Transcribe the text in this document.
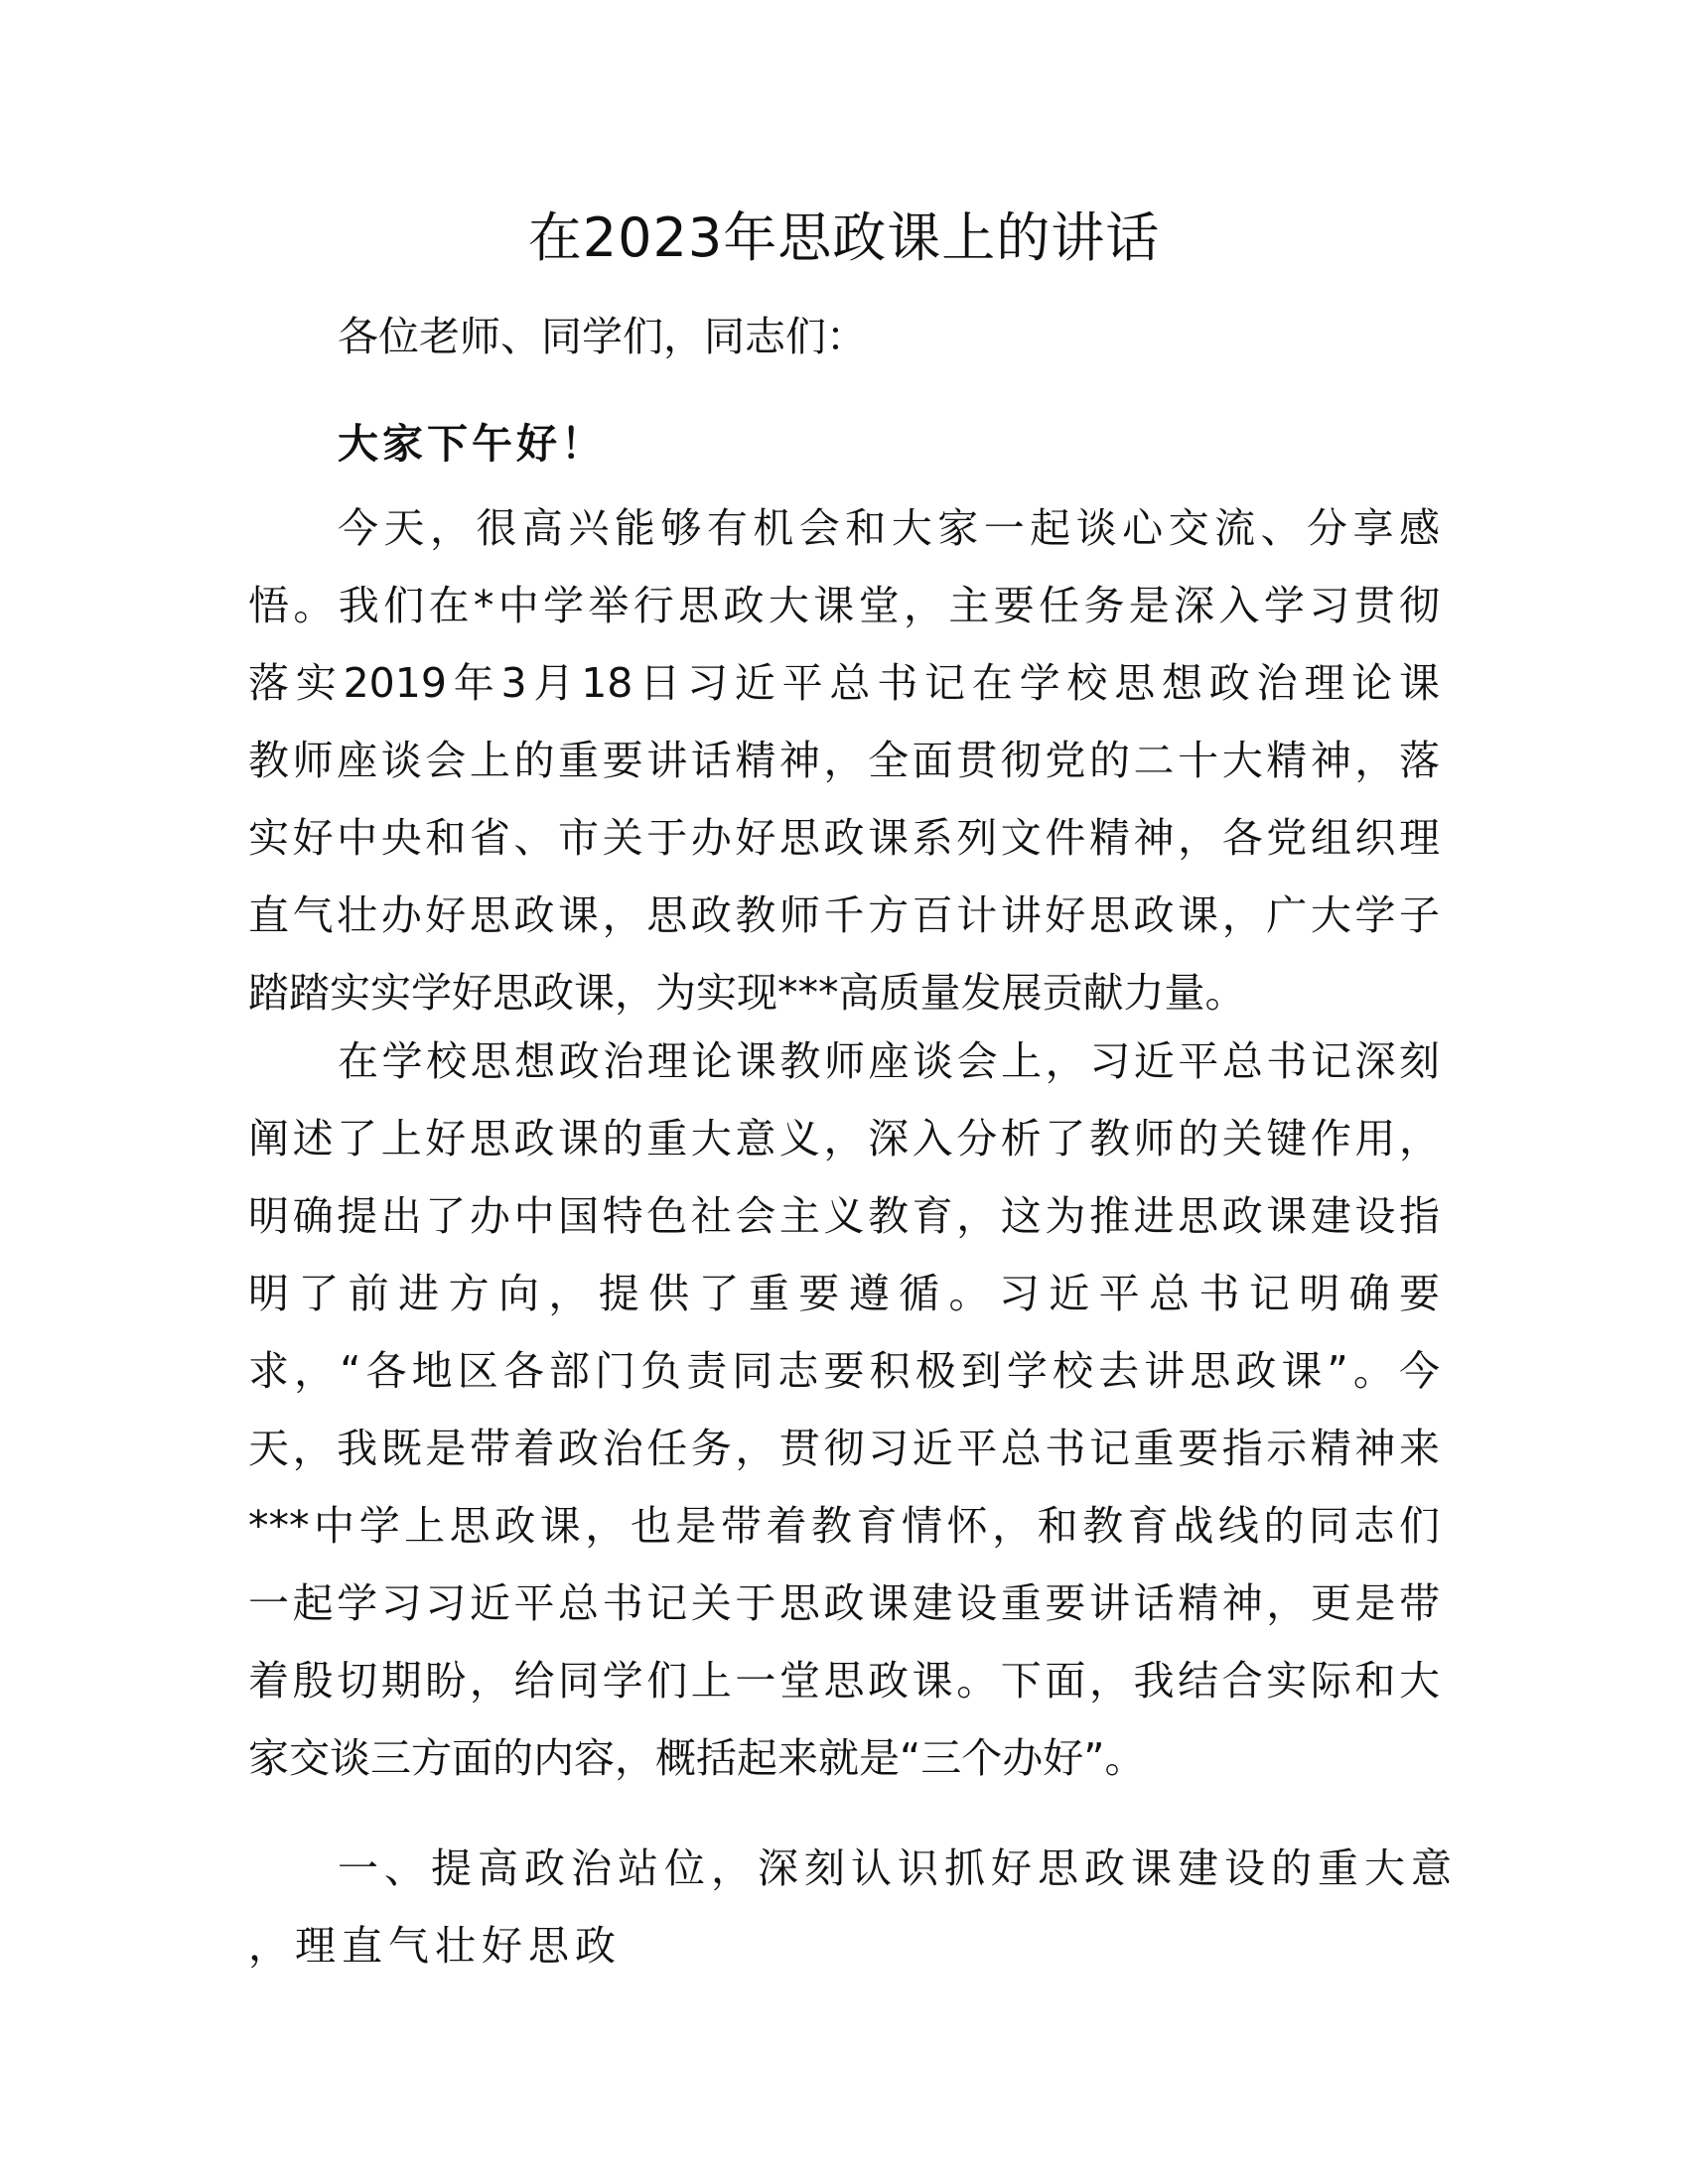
在2023年思政课上的讲话

各位老师、同学们，同志们：

大家下午好！

今天，很高兴能够有机会和大家一起谈心交流、分享感
悟。我们在*中学举行思政大课堂，主要任务是深入学习贯彻
落实2019年3月18日习近平总书记在学校思想政治理论课
教师座谈会上的重要讲话精神，全面贯彻党的二十大精神，落
实好中央和省、市关于办好思政课系列文件精神，各党组织理
直气壮办好思政课，思政教师千方百计讲好思政课，广大学子
踏踏实实学好思政课，为实现***高质量发展贡献力量。
在学校思想政治理论课教师座谈会上，习近平总书记深刻
阐述了上好思政课的重大意义，深入分析了教师的关键作用，
明确提出了办中国特色社会主义教育，这为推进思政课建设指
明了前进方向，提供了重要遵循。习近平总书记明确要
求，“各地区各部门负责同志要积极到学校去讲思政课”。今
天，我既是带着政治任务，贯彻习近平总书记重要指示精神来
***中学上思政课，也是带着教育情怀，和教育战线的同志们
一起学习习近平总书记关于思政课建设重要讲话精神，更是带
着殷切期盼，给同学们上一堂思政课。下面，我结合实际和大
家交谈三方面的内容，概括起来就是“三个办好”。
一、提高政治站位，深刻认识抓好思政课建设的重大意
，理直气壮好思政
